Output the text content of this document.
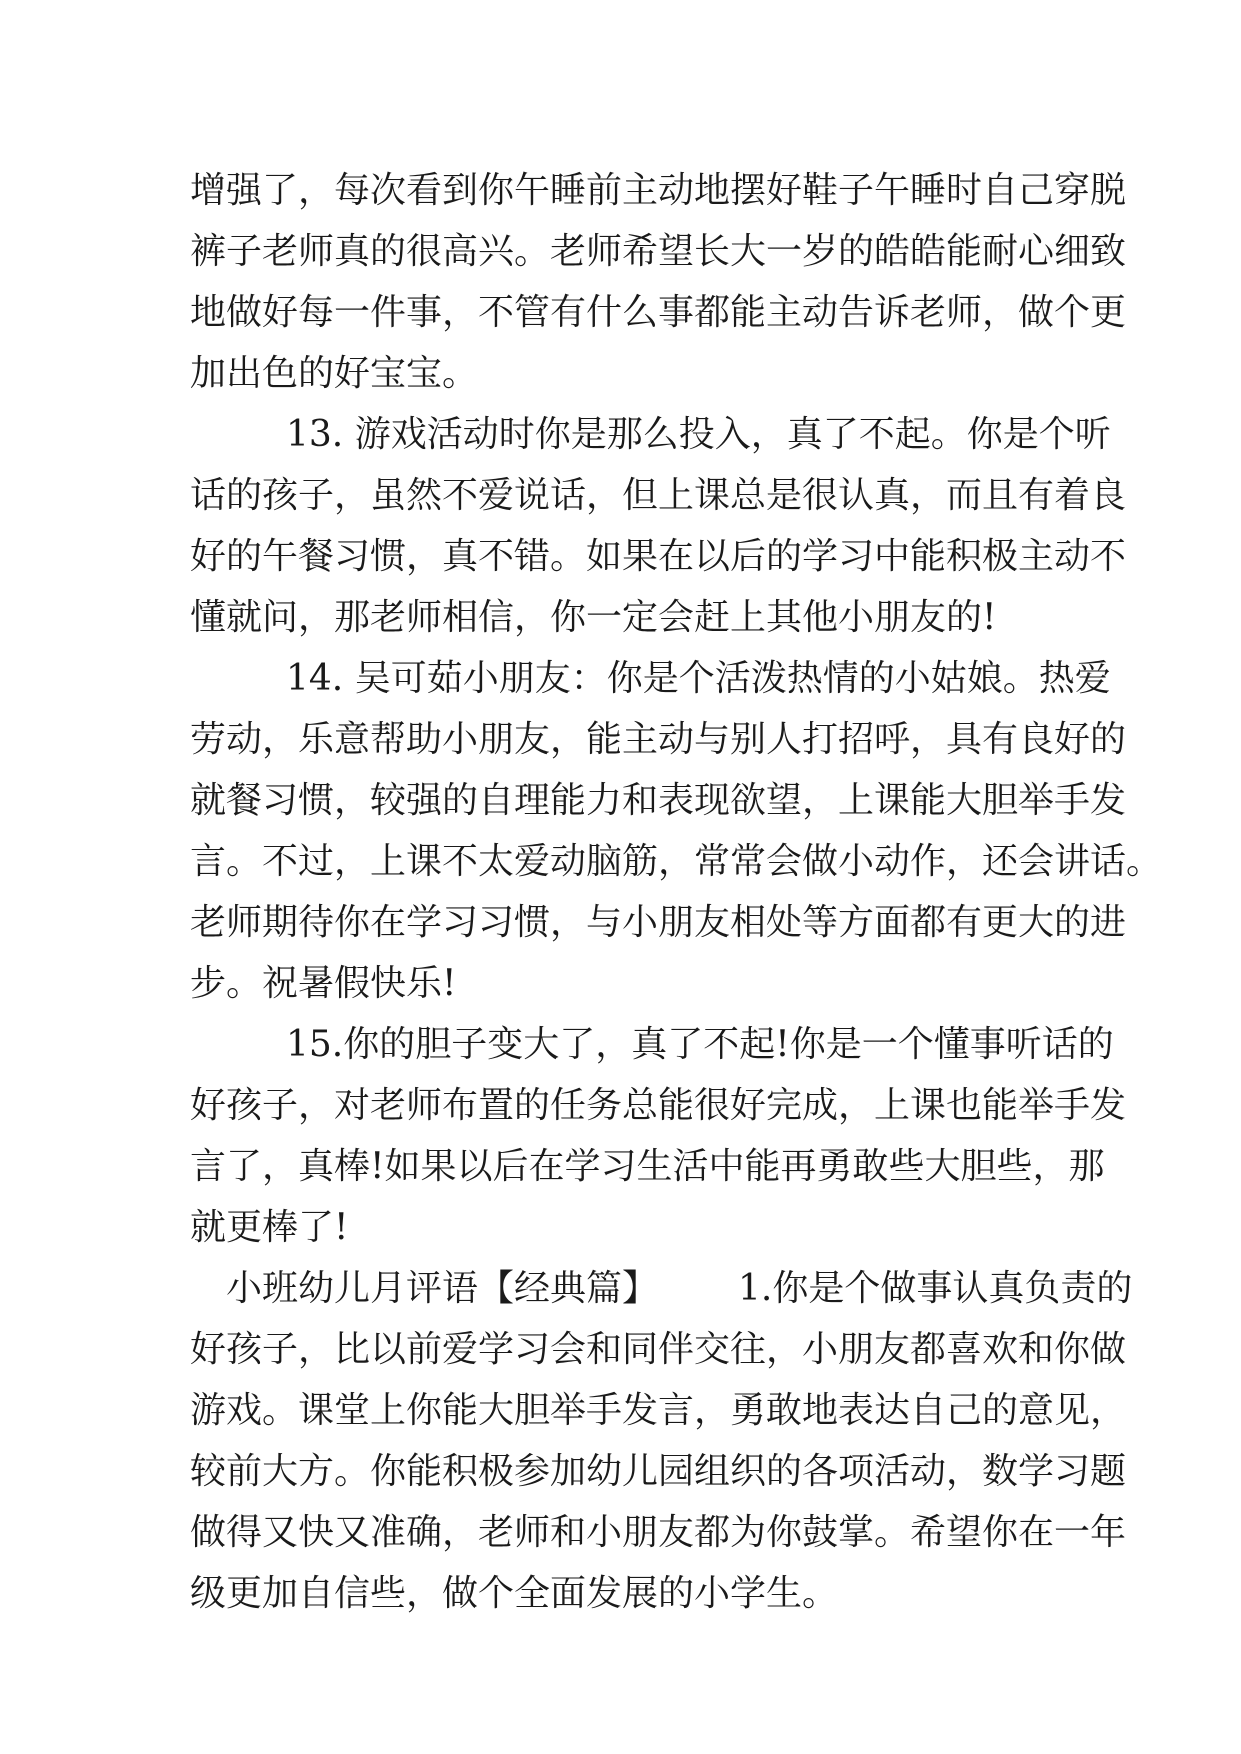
增强了，每次看到你午睡前主动地摆好鞋子午睡时自己穿脱
裤子老师真的很高兴。老师希望长大一岁的皓皓能耐心细致
地做好每一件事，不管有什么事都能主动告诉老师，做个更
加出色的好宝宝。
13. 游戏活动时你是那么投入，真了不起。你是个听
话的孩子，虽然不爱说话，但上课总是很认真，而且有着良
好的午餐习惯，真不错。如果在以后的学习中能积极主动不
懂就问，那老师相信，你一定会赶上其他小朋友的!
14. 吴可茹小朋友：你是个活泼热情的小姑娘。热爱
劳动，乐意帮助小朋友，能主动与别人打招呼，具有良好的
就餐习惯，较强的自理能力和表现欲望，上课能大胆举手发
言。不过，上课不太爱动脑筋，常常会做小动作，还会讲话。
老师期待你在学习习惯，与小朋友相处等方面都有更大的进
步。祝暑假快乐!
15.你的胆子变大了，真了不起!你是一个懂事听话的
好孩子，对老师布置的任务总能很好完成，上课也能举手发
言了，真棒!如果以后在学习生活中能再勇敢些大胆些，那
就更棒了!
小班幼儿月评语【经典篇】 1.你是个做事认真负责的
好孩子，比以前爱学习会和同伴交往，小朋友都喜欢和你做
游戏。课堂上你能大胆举手发言，勇敢地表达自己的意见，
较前大方。你能积极参加幼儿园组织的各项活动，数学习题
做得又快又准确，老师和小朋友都为你鼓掌。希望你在一年
级更加自信些，做个全面发展的小学生。
